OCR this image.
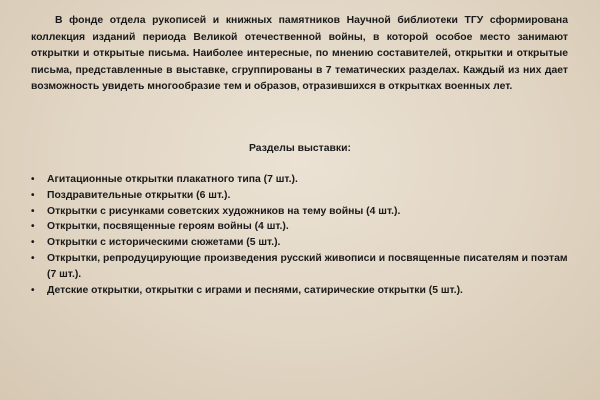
В фонде отдела рукописей и книжных памятников Научной библиотеки ТГУ сформирована коллекция изданий периода Великой отечественной войны, в которой особое место занимают открытки и открытые письма. Наиболее интересные, по мнению составителей, открытки и открытые письма, представленные в выставке, сгруппированы в 7 тематических разделах. Каждый из них дает возможность увидеть многообразие тем и образов, отразившихся в открытках военных лет.

Разделы выставки:

• Агитационные открытки плакатного типа (7 шт.).
• Поздравительные открытки (6 шт.).
• Открытки с рисунками советских художников на тему войны (4 шт.).
• Открытки, посвященные героям войны (4 шт.).
• Открытки с историческими сюжетами (5 шт.).
• Открытки, репродуцирующие произведения русский живописи и посвященные писателям и поэтам (7 шт.).
• Детские открытки, открытки с играми и песнями, сатирические открытки (5 шт.).
